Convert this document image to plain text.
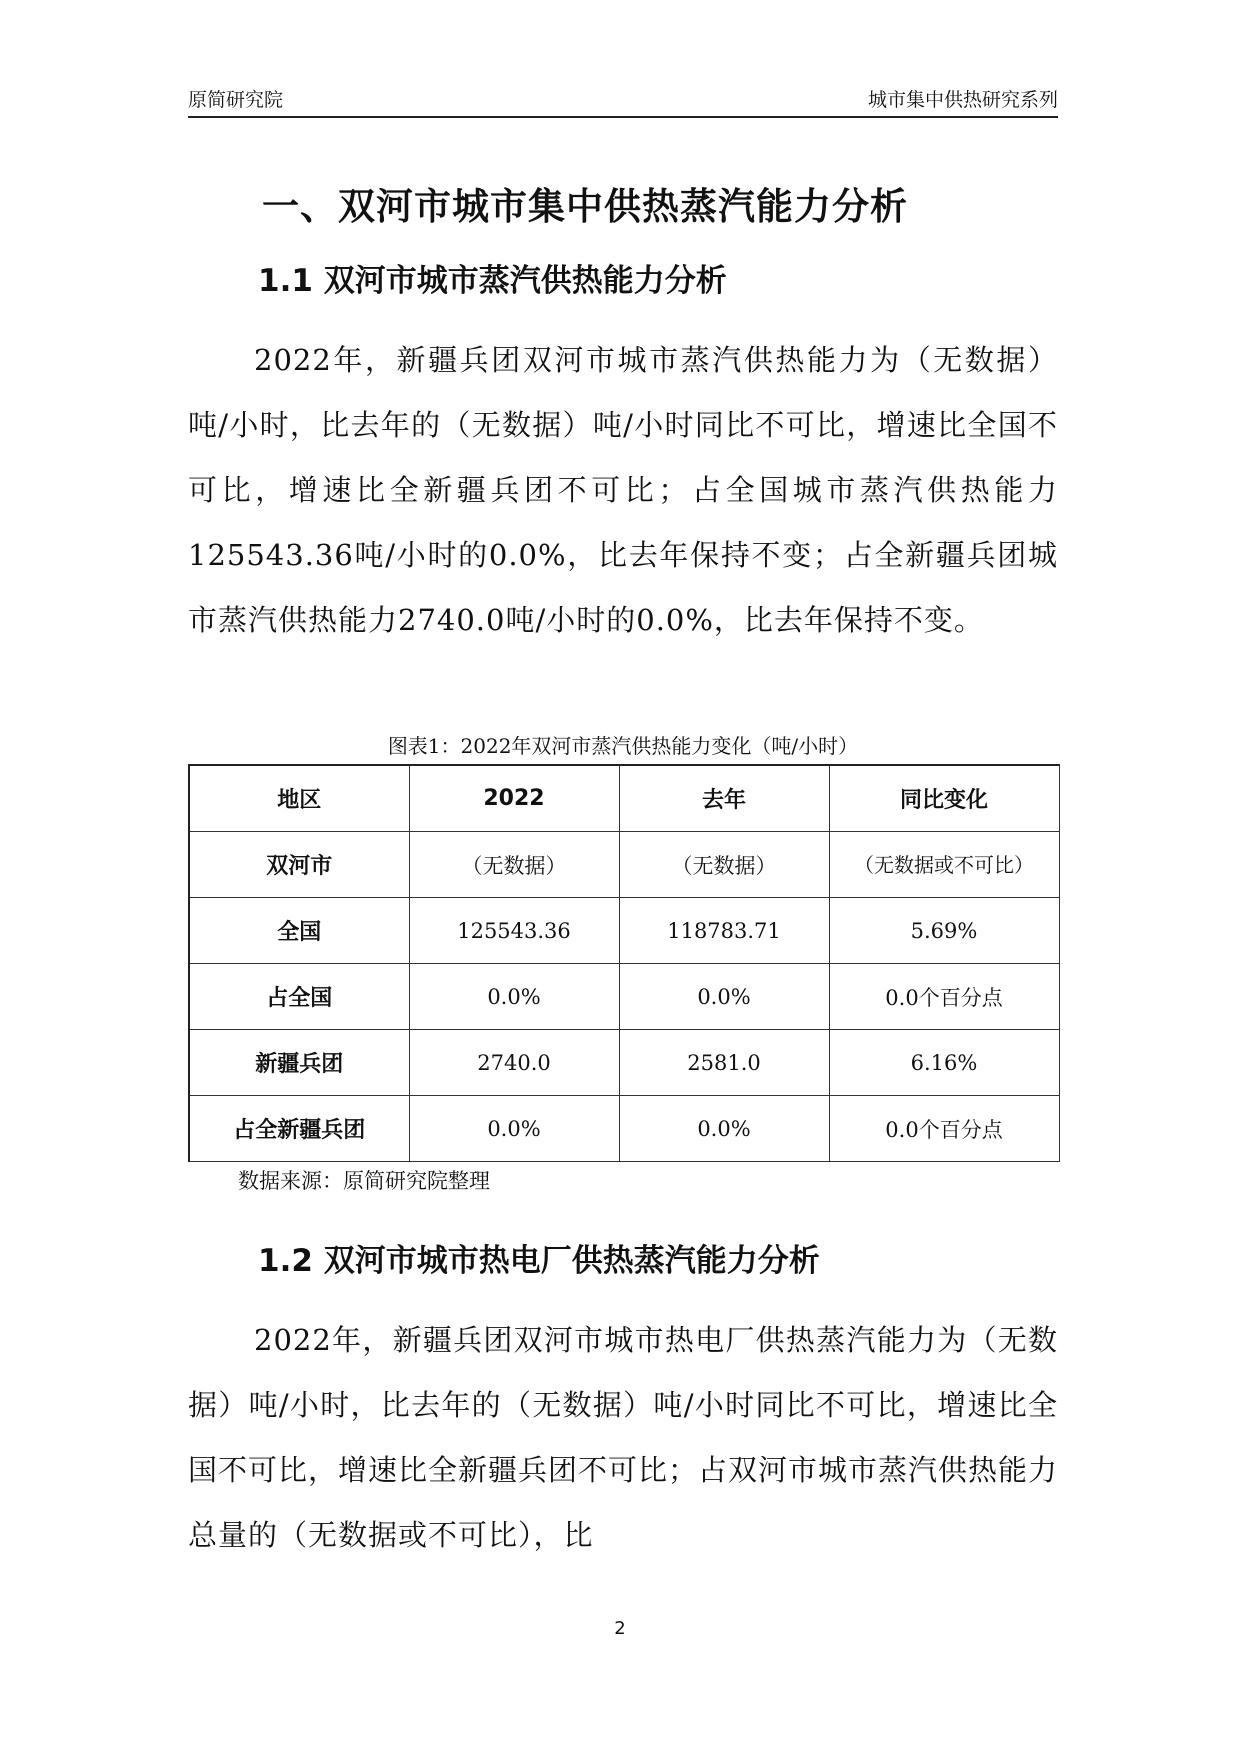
原简研究院	城市集中供热研究系列
一、双河市城市集中供热蒸汽能力分析
1.1 双河市城市蒸汽供热能力分析

2022年，新疆兵团双河市城市蒸汽供热能力为（无数据）吨/小时，比去年的（无数据）吨/小时同比不可比，增速比全国不可比，增速比全新疆兵团不可比；占全国城市蒸汽供热能力125543.36吨/小时的0.0%，比去年保持不变；占全新疆兵团城市蒸汽供热能力2740.0吨/小时的0.0%，比去年保持不变。

图表1：2022年双河市蒸汽供热能力变化（吨/小时）
地区	2022	去年	同比变化
双河市	（无数据）	（无数据）	（无数据或不可比）
全国	125543.36	118783.71	5.69%
占全国	0.0%	0.0%	0.0个百分点
新疆兵团	2740.0	2581.0	6.16%
占全新疆兵团	0.0%	0.0%	0.0个百分点
数据来源：原简研究院整理
1.2 双河市城市热电厂供热蒸汽能力分析

2022年，新疆兵团双河市城市热电厂供热蒸汽能力为（无数据）吨/小时，比去年的（无数据）吨/小时同比不可比，增速比全国不可比，增速比全新疆兵团不可比；占双河市城市蒸汽供热能力总量的（无数据或不可比），比

2
